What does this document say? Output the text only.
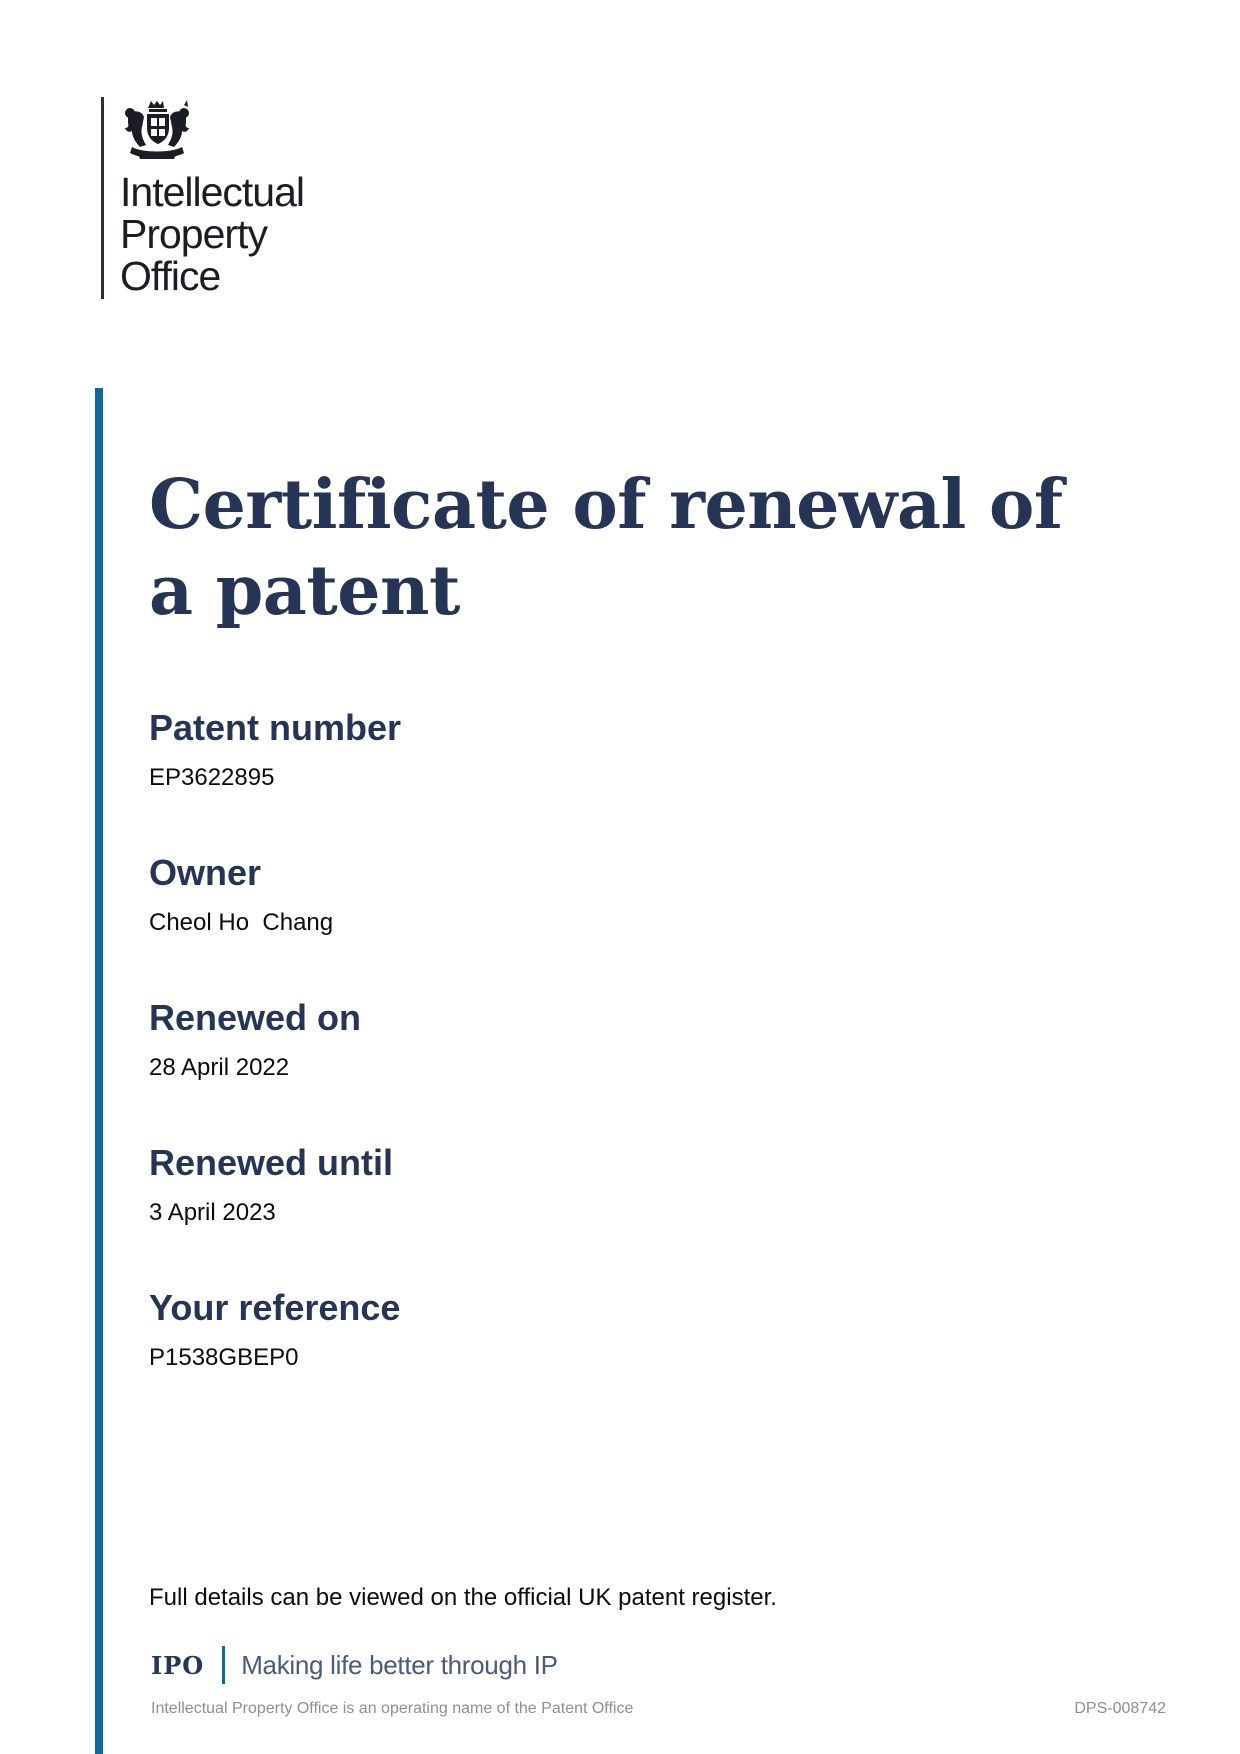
Intellectual
Property
Office
Certificate of renewal of a patent
Patent number
EP3622895
Owner
Cheol Ho  Chang
Renewed on
28 April 2022
Renewed until
3 April 2023
Your reference
P1538GBEP0

Full details can be viewed on the official UK patent register.

IPO Making life better through IP
Intellectual Property Office is an operating name of the Patent Office	DPS-008742
